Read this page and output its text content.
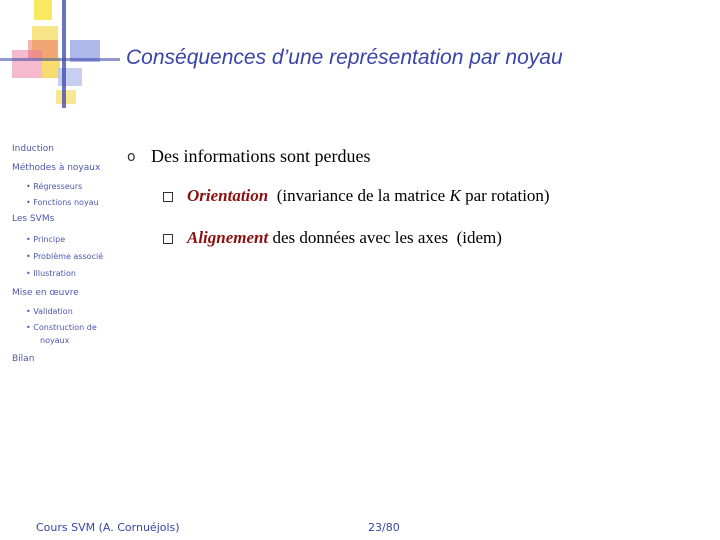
Conséquences d’une représentation par noyau
Induction
Méthodes à noyaux
• Régresseurs
• Fonctions noyau
Les SVMs
• Principe
• Problème associé
• Illustration
Mise en œuvre
• Validation
• Construction de
noyaux
Bilan
o Des informations sont perdues
Orientation (invariance de la matrice K par rotation)
Alignement des données avec les axes  (idem)
Cours SVM (A. Cornuéjols)	23/80
